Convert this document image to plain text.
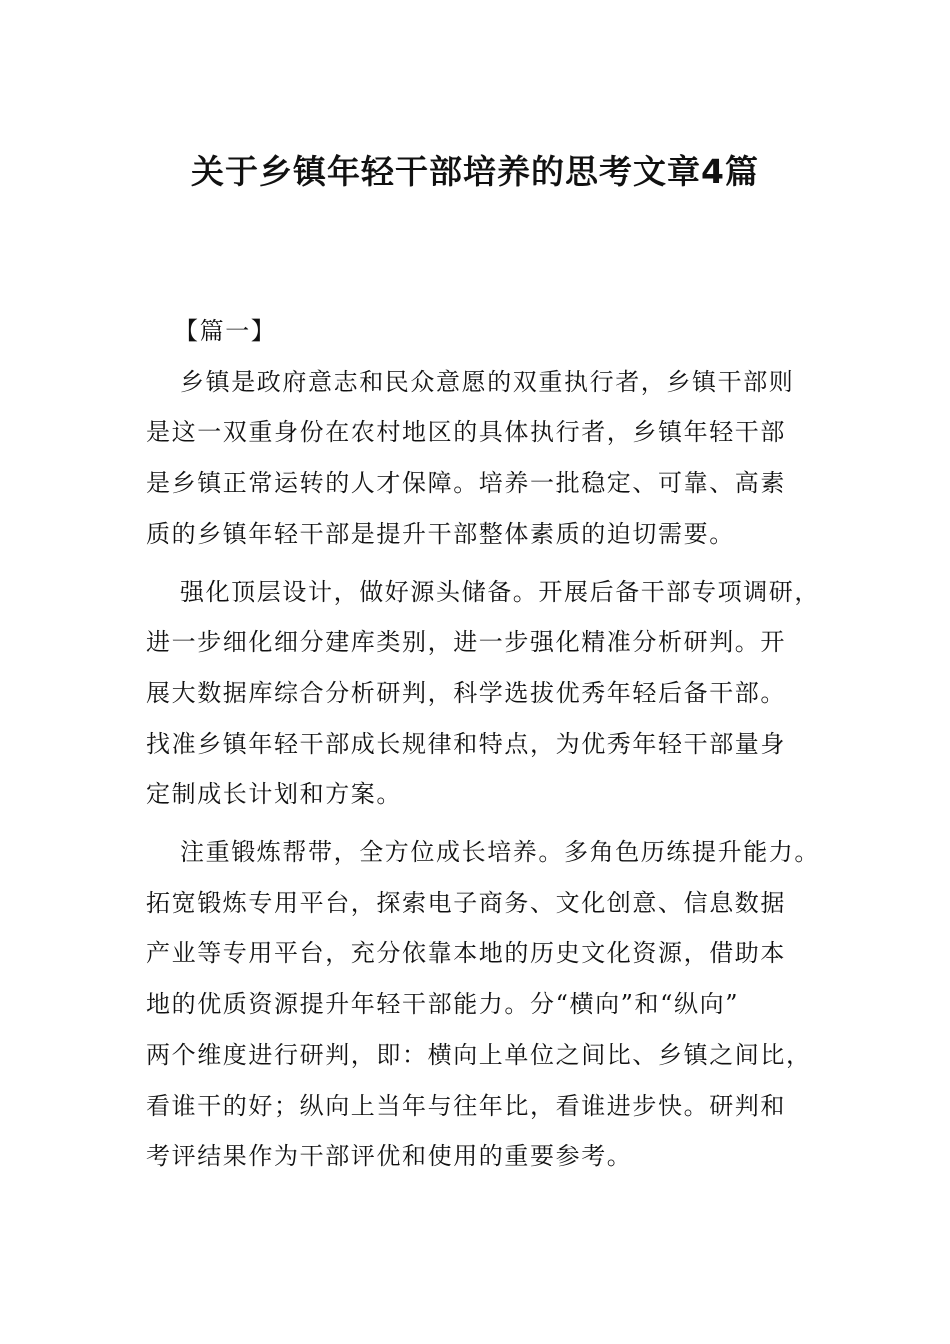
关于乡镇年轻干部培养的思考文章4篇

【篇一】

乡镇是政府意志和民众意愿的双重执行者，乡镇干部则
是这一双重身份在农村地区的具体执行者，乡镇年轻干部
是乡镇正常运转的人才保障。培养一批稳定、可靠、高素
质的乡镇年轻干部是提升干部整体素质的迫切需要。
强化顶层设计，做好源头储备。开展后备干部专项调研，
进一步细化细分建库类别，进一步强化精准分析研判。开
展大数据库综合分析研判，科学选拔优秀年轻后备干部。
找准乡镇年轻干部成长规律和特点，为优秀年轻干部量身
定制成长计划和方案。
注重锻炼帮带，全方位成长培养。多角色历练提升能力。
拓宽锻炼专用平台，探索电子商务、文化创意、信息数据
产业等专用平台，充分依靠本地的历史文化资源，借助本
地的优质资源提升年轻干部能力。分“横向”和“纵向”
两个维度进行研判，即：横向上单位之间比、乡镇之间比，
看谁干的好；纵向上当年与往年比，看谁进步快。研判和
考评结果作为干部评优和使用的重要参考。
